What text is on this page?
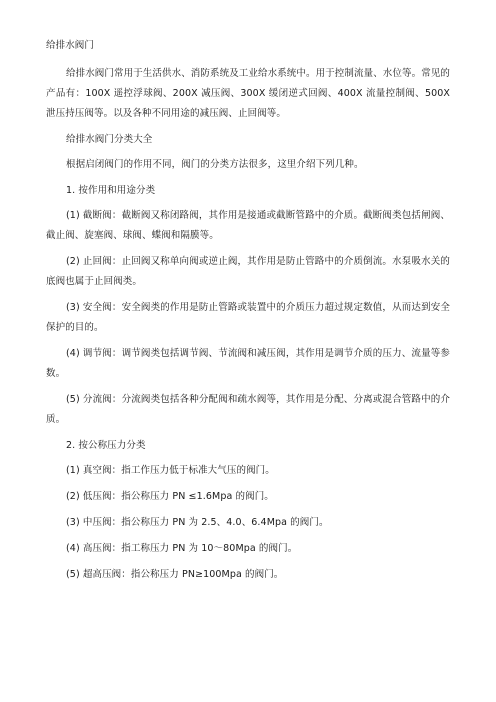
给排水阀门

给排水阀门常用于生活供水、消防系统及工业给水系统中。用于控制流量、水位等。常见的产品有：100X 遥控浮球阀、200X 减压阀、300X 缓闭逆式回阀、400X 流量控制阀、500X 泄压持压阀等。以及各种不同用途的减压阀、止回阀等。

给排水阀门分类大全

根据启闭阀门的作用不同，阀门的分类方法很多，这里介绍下列几种。

1. 按作用和用途分类

(1) 截断阀：截断阀又称闭路阀，其作用是接通或截断管路中的介质。截断阀类包括闸阀、截止阀、旋塞阀、球阀、蝶阀和隔膜等。

(2) 止回阀：止回阀又称单向阀或逆止阀，其作用是防止管路中的介质倒流。水泵吸水关的底阀也属于止回阀类。

(3) 安全阀：安全阀类的作用是防止管路或装置中的介质压力超过规定数值，从而达到安全保护的目的。

(4) 调节阀：调节阀类包括调节阀、节流阀和减压阀，其作用是调节介质的压力、流量等参数。

(5) 分流阀：分流阀类包括各种分配阀和疏水阀等，其作用是分配、分离或混合管路中的介质。

2. 按公称压力分类

(1) 真空阀：指工作压力低于标准大气压的阀门。

(2) 低压阀：指公称压力 PN ≤1.6Mpa 的阀门。

(3) 中压阀：指公称压力 PN 为 2.5、4.0、6.4Mpa 的阀门。

(4) 高压阀：指工称压力 PN 为 10～80Mpa 的阀门。

(5) 超高压阀：指公称压力 PN≥100Mpa 的阀门。
